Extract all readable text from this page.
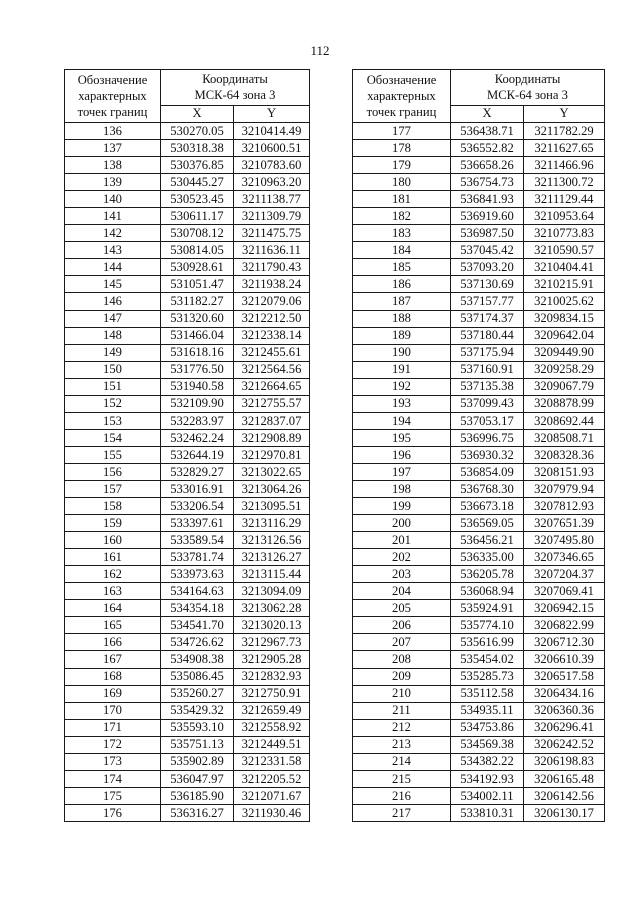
112
Обозначение
характерных
точек границ	Координаты
МСК-64 зона 3	
	X	Y
136	530270.05	3210414.49
137	530318.38	3210600.51
138	530376.85	3210783.60
139	530445.27	3210963.20
140	530523.45	3211138.77
141	530611.17	3211309.79
142	530708.12	3211475.75
143	530814.05	3211636.11
144	530928.61	3211790.43
145	531051.47	3211938.24
146	531182.27	3212079.06
147	531320.60	3212212.50
148	531466.04	3212338.14
149	531618.16	3212455.61
150	531776.50	3212564.56
151	531940.58	3212664.65
152	532109.90	3212755.57
153	532283.97	3212837.07
154	532462.24	3212908.89
155	532644.19	3212970.81
156	532829.27	3213022.65
157	533016.91	3213064.26
158	533206.54	3213095.51
159	533397.61	3213116.29
160	533589.54	3213126.56
161	533781.74	3213126.27
162	533973.63	3213115.44
163	534164.63	3213094.09
164	534354.18	3213062.28
165	534541.70	3213020.13
166	534726.62	3212967.73
167	534908.38	3212905.28
168	535086.45	3212832.93
169	535260.27	3212750.91
170	535429.32	3212659.49
171	535593.10	3212558.92
172	535751.13	3212449.51
173	535902.89	3212331.58
174	536047.97	3212205.52
175	536185.90	3212071.67
176	536316.27	3211930.46
Обозначение
характерных
точек границ	Координаты
МСК-64 зона 3	
	X	Y
177	536438.71	3211782.29
178	536552.82	3211627.65
179	536658.26	3211466.96
180	536754.73	3211300.72
181	536841.93	3211129.44
182	536919.60	3210953.64
183	536987.50	3210773.83
184	537045.42	3210590.57
185	537093.20	3210404.41
186	537130.69	3210215.91
187	537157.77	3210025.62
188	537174.37	3209834.15
189	537180.44	3209642.04
190	537175.94	3209449.90
191	537160.91	3209258.29
192	537135.38	3209067.79
193	537099.43	3208878.99
194	537053.17	3208692.44
195	536996.75	3208508.71
196	536930.32	3208328.36
197	536854.09	3208151.93
198	536768.30	3207979.94
199	536673.18	3207812.93
200	536569.05	3207651.39
201	536456.21	3207495.80
202	536335.00	3207346.65
203	536205.78	3207204.37
204	536068.94	3207069.41
205	535924.91	3206942.15
206	535774.10	3206822.99
207	535616.99	3206712.30
208	535454.02	3206610.39
209	535285.73	3206517.58
210	535112.58	3206434.16
211	534935.11	3206360.36
212	534753.86	3206296.41
213	534569.38	3206242.52
214	534382.22	3206198.83
215	534192.93	3206165.48
216	534002.11	3206142.56
217	533810.31	3206130.17
